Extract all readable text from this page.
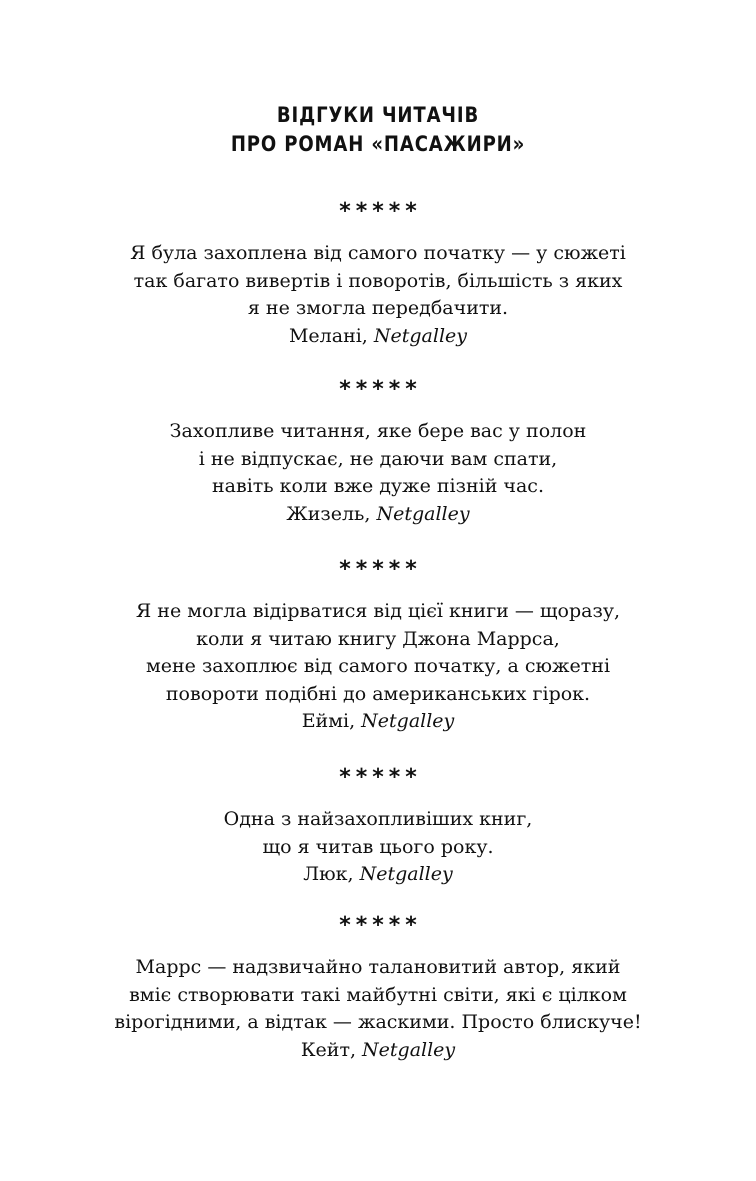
ВІДГУКИ ЧИТАЧІВ
ПРО РОМАН «ПАСАЖИРИ»
*****
Я була захоплена від самого початку — у сюжеті
так багато вивертів і поворотів, більшість з яких
я не змогла передбачити.
Мелані, Netgalley
*****
Захопливе читання, яке бере вас у полон
і не відпускає, не даючи вам спати,
навіть коли вже дуже пізній час.
Жизель, Netgalley
*****
Я не могла відірватися від цієї книги — щоразу,
коли я читаю книгу Джона Маррса,
мене захоплює від самого початку, а сюжетні
повороти подібні до американських гірок.
Еймі, Netgalley
*****
Одна з найзахопливіших книг,
що я читав цього року.
Люк, Netgalley
*****
Маррс — надзвичайно талановитий автор, який
вміє створювати такі майбутні світи, які є цілком
вірогідними, а відтак — жаскими. Просто блискуче!
Кейт, Netgalley
